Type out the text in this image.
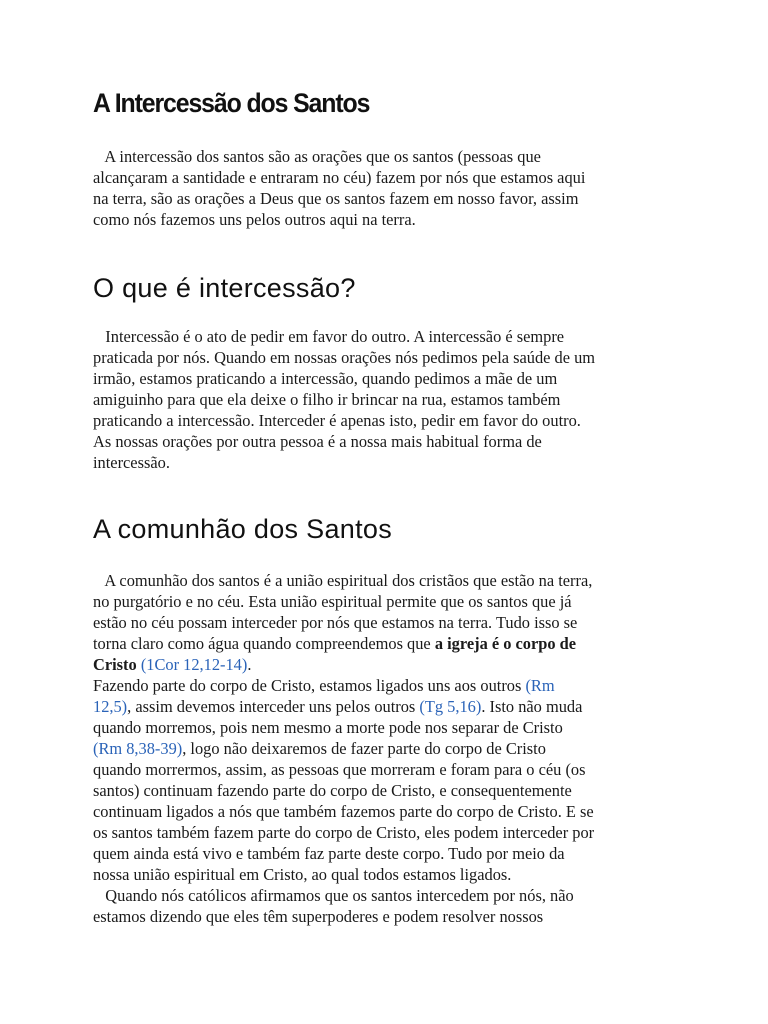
A Intercessão dos Santos
A intercessão dos santos são as orações que os santos (pessoas que
alcançaram a santidade e entraram no céu) fazem por nós que estamos aqui
na terra, são as orações a Deus que os santos fazem em nosso favor, assim
como nós fazemos uns pelos outros aqui na terra.
O que é intercessão?
Intercessão é o ato de pedir em favor do outro. A intercessão é sempre
praticada por nós. Quando em nossas orações nós pedimos pela saúde de um
irmão, estamos praticando a intercessão, quando pedimos a mãe de um
amiguinho para que ela deixe o filho ir brincar na rua, estamos também
praticando a intercessão. Interceder é apenas isto, pedir em favor do outro.
As nossas orações por outra pessoa é a nossa mais habitual forma de
intercessão.
A comunhão dos Santos
A comunhão dos santos é a união espiritual dos cristãos que estão na terra,
no purgatório e no céu. Esta união espiritual permite que os santos que já
estão no céu possam interceder por nós que estamos na terra. Tudo isso se
torna claro como água quando compreendemos que a igreja é o corpo de
Cristo (1Cor 12,12-14).
Fazendo parte do corpo de Cristo, estamos ligados uns aos outros (Rm
12,5), assim devemos interceder uns pelos outros (Tg 5,16). Isto não muda
quando morremos, pois nem mesmo a morte pode nos separar de Cristo
(Rm 8,38-39), logo não deixaremos de fazer parte do corpo de Cristo
quando morrermos, assim, as pessoas que morreram e foram para o céu (os
santos) continuam fazendo parte do corpo de Cristo, e consequentemente
continuam ligados a nós que também fazemos parte do corpo de Cristo. E se
os santos também fazem parte do corpo de Cristo, eles podem interceder por
quem ainda está vivo e também faz parte deste corpo. Tudo por meio da
nossa união espiritual em Cristo, ao qual todos estamos ligados.
Quando nós católicos afirmamos que os santos intercedem por nós, não
estamos dizendo que eles têm superpoderes e podem resolver nossos
